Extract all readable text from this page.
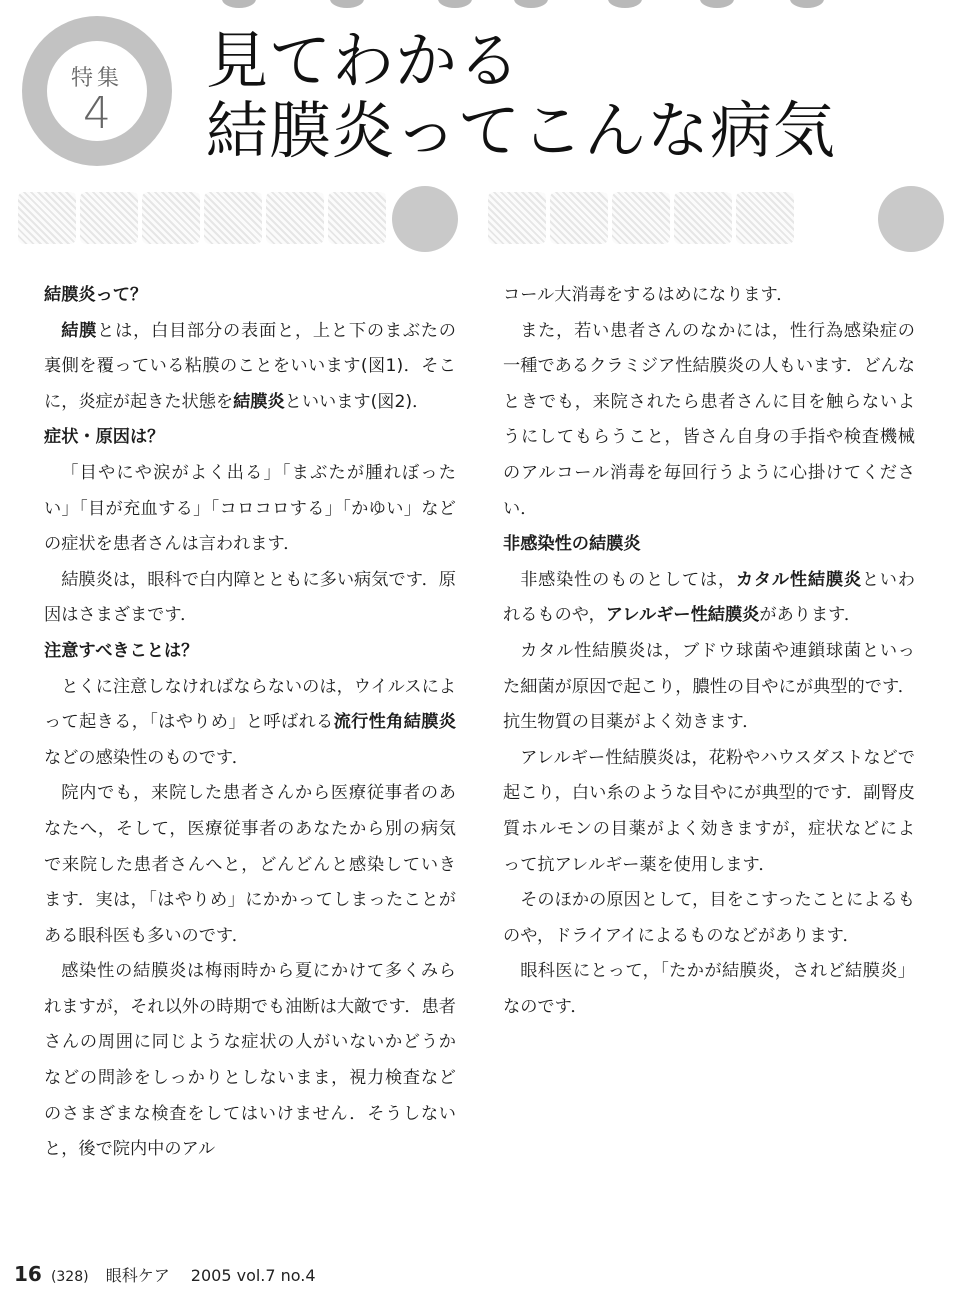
特集
4
見てわかる
結膜炎ってこんな病気
結膜炎って？

結膜とは，白目部分の表面と，上と下のまぶたの裏側を覆っている粘膜のことをいいます(図1)．そこに，炎症が起きた状態を結膜炎といいます(図2)．

症状・原因は？

「目やにや涙がよく出る」「まぶたが腫れぼったい」「目が充血する」「コロコロする」「かゆい」などの症状を患者さんは言われます．

結膜炎は，眼科で白内障とともに多い病気です．原因はさまざまです．

注意すべきことは？

とくに注意しなければならないのは，ウイルスによって起きる，「はやりめ」と呼ばれる流行性角結膜炎などの感染性のものです．

院内でも，来院した患者さんから医療従事者のあなたへ，そして，医療従事者のあなたから別の病気で来院した患者さんへと，どんどんと感染していきます．実は，「はやりめ」にかかってしまったことがある眼科医も多いのです．

感染性の結膜炎は梅雨時から夏にかけて多くみられますが，それ以外の時期でも油断は大敵です．患者さんの周囲に同じような症状の人がいないかどうかなどの問診をしっかりとしないまま，視力検査などのさまざまな検査をしてはいけません．そうしないと，後で院内中のアル

コール大消毒をするはめになります．

また，若い患者さんのなかには，性行為感染症の一種であるクラミジア性結膜炎の人もいます．どんなときでも，来院されたら患者さんに目を触らないようにしてもらうこと，皆さん自身の手指や検査機械のアルコール消毒を毎回行うように心掛けてください．

非感染性の結膜炎

非感染性のものとしては，カタル性結膜炎といわれるものや，アレルギー性結膜炎があります．

カタル性結膜炎は，ブドウ球菌や連鎖球菌といった細菌が原因で起こり，膿性の目やにが典型的です．抗生物質の目薬がよく効きます．

アレルギー性結膜炎は，花粉やハウスダストなどで起こり，白い糸のような目やにが典型的です．副腎皮質ホルモンの目薬がよく効きますが，症状などによって抗アレルギー薬を使用します．

そのほかの原因として，目をこすったことによるものや，ドライアイによるものなどがあります．

眼科医にとって，「たかが結膜炎，されど結膜炎」なのです．

16 (328) 眼科ケア 2005 vol.7 no.4
